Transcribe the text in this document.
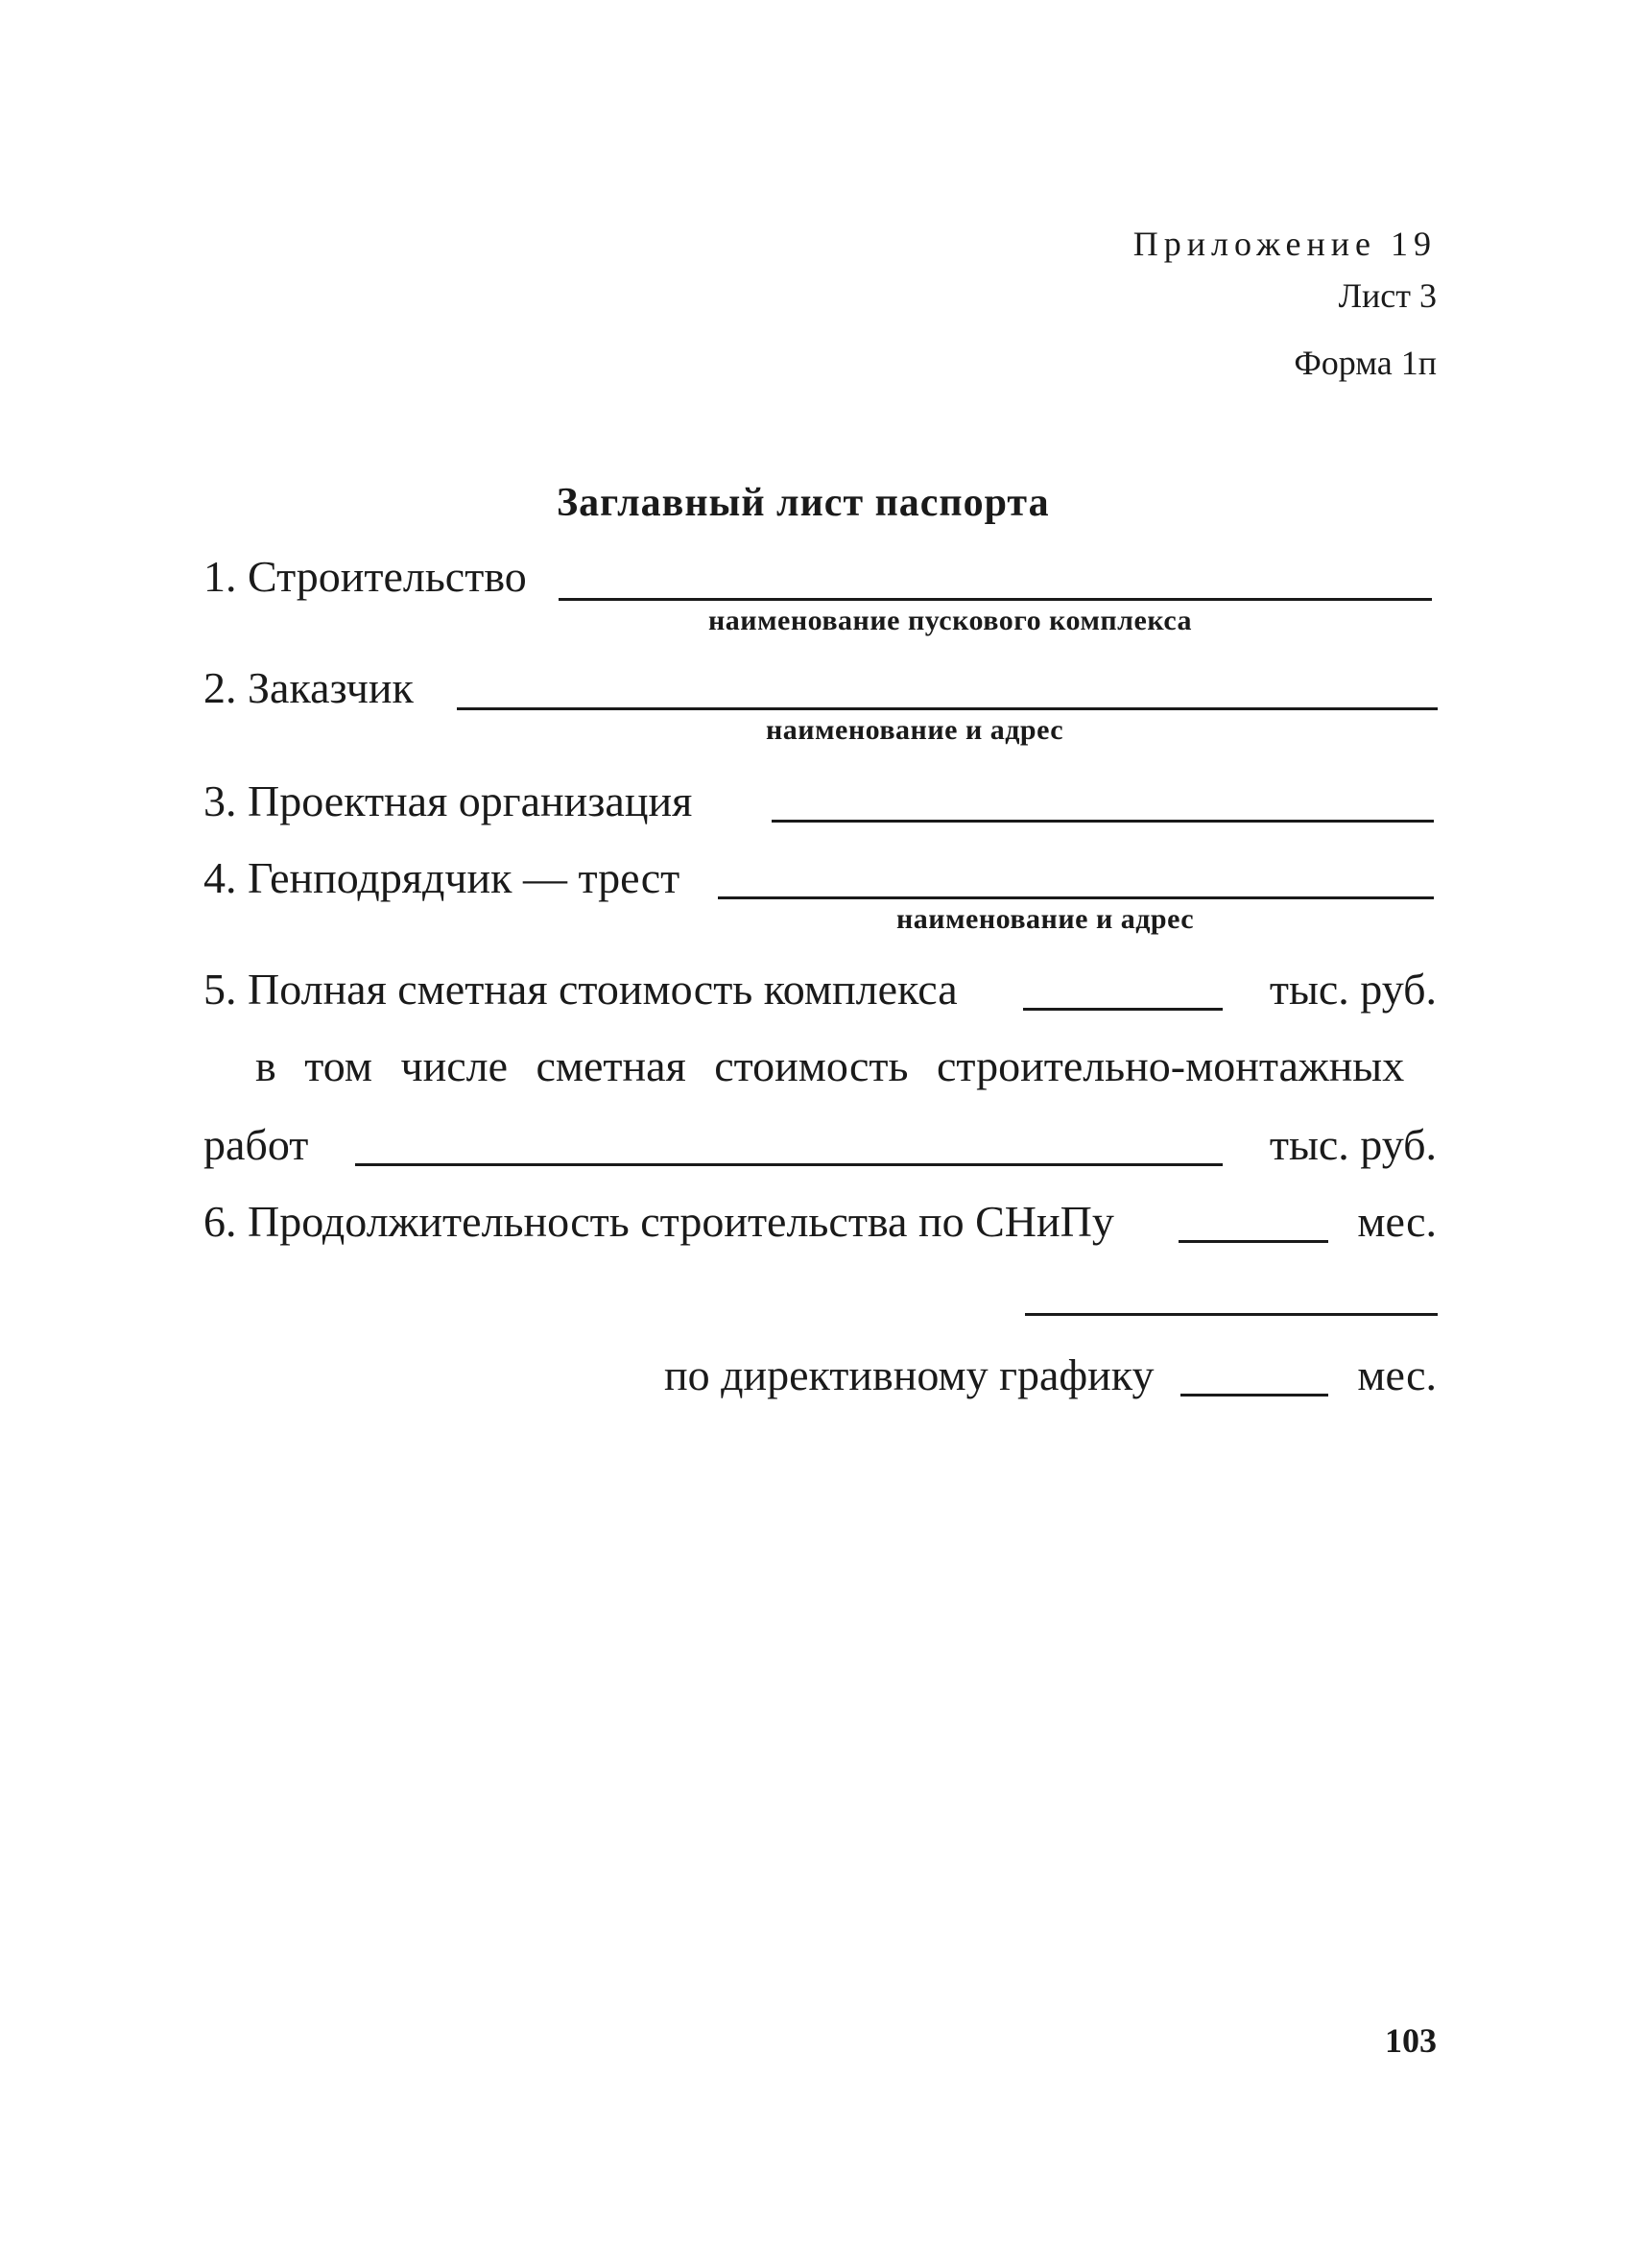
Приложение 19
Лист 3
Форма 1п
Заглавный лист паспорта
1. Строительство
наименование пускового комплекса
2. Заказчик
наименование и адрес
3. Проектная организация
4. Генподрядчик — трест
наименование и адрес
5. Полная сметная стоимость комплекса	тыс. руб.
в том числе сметная стоимость строительно-монтажных
работ	тыс. руб.
6. Продолжительность строительства по СНиПу	мес.
по директивному графику	мес.
103
